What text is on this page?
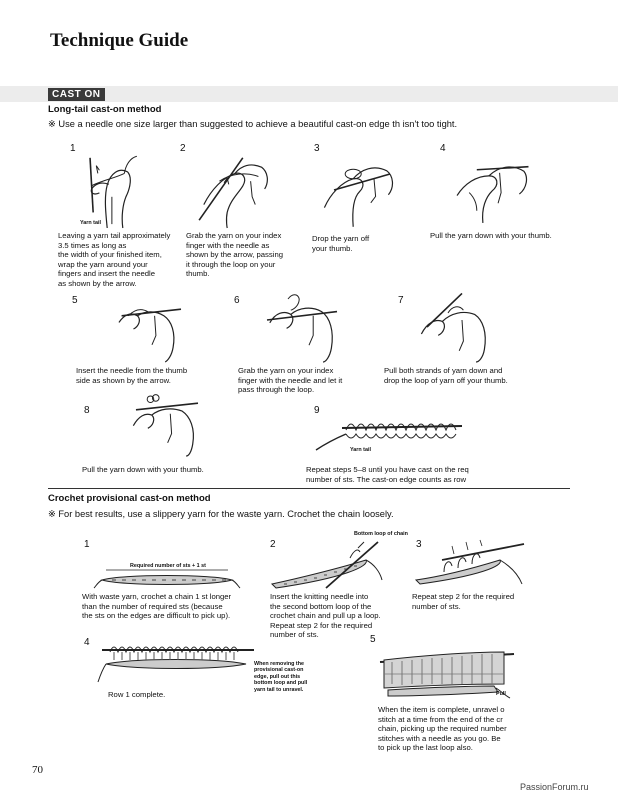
Technique Guide
CAST ON
Long-tail cast-on method
※ Use a needle one size larger than suggested to achieve a beautiful cast-on edge th isn't too tight.
1
Yarn tail
Leaving a yarn tail approximately
3.5 times as long as
the width of your finished item,
wrap the yarn around your
fingers and insert the needle
as shown by the arrow.
2
Grab the yarn on your index
finger with the needle as
shown by the arrow, passing
it through the loop on your
thumb.
3
Drop the yarn off
your thumb.
4
Pull the yarn down with your thumb.
5
Insert the needle from the thumb
side as shown by the arrow.
6
Grab the yarn on your index
finger with the needle and let it
pass through the loop.
7
Pull both strands of yarn down and
drop the loop of yarn off your thumb.
8
Pull the yarn down with your thumb.
9
Yarn tail
Repeat steps 5–8 until you have cast on the req
number of sts. The cast-on edge counts as row
Crochet provisional cast-on method
※ For best results, use a slippery yarn for the waste yarn. Crochet the chain loosely.
1
Required number of sts + 1 st
With waste yarn, crochet a chain 1 st longer
than the number of required sts (because
the sts on the edges are difficult to pick up).
2
Bottom loop of chain
Insert the knitting needle into
the second bottom loop of the
crochet chain and pull up a loop.
Repeat step 2 for the required
number of sts.
3
Repeat step 2 for the required
number of sts.
4
When removing the
provisional cast-on
edge, pull out this
bottom loop and pull
yarn tail to unravel.
Row 1 complete.
5
Pull
When the item is complete, unravel o
stitch at a time from the end of the cr
chain, picking up the required number
stitches with a needle as you go. Be
to pick up the last loop also.
70
PassionForum.ru
